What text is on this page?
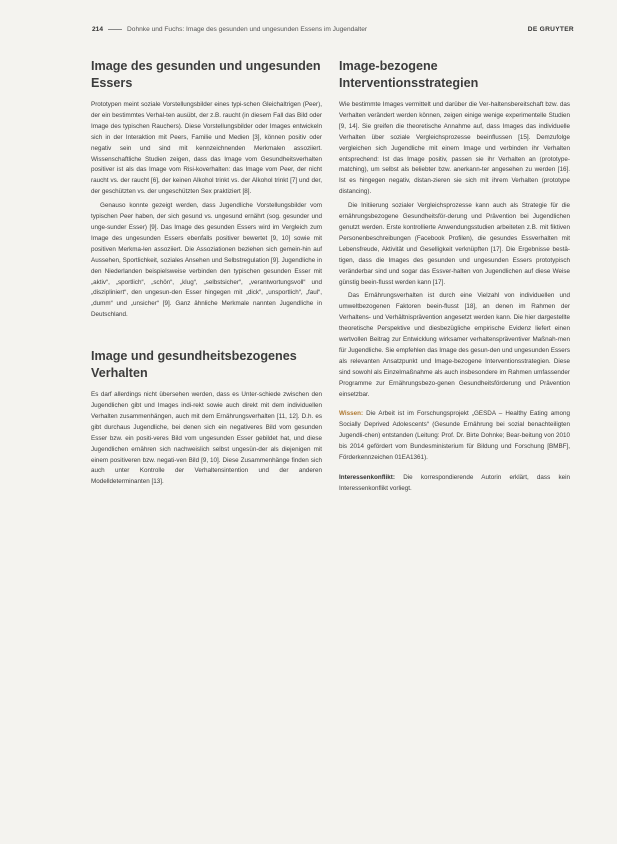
214	Dohnke und Fuchs: Image des gesunden und ungesunden Essens im Jugendalter	DE GRUYTER
Image des gesunden und ungesunden Essers

Prototypen meint soziale Vorstellungsbilder eines typi-schen Gleichaltrigen (Peer), der ein bestimmtes Verhal-ten ausübt, der z.B. raucht (in diesem Fall das Bild oder Image des typischen Rauchers). Diese Vorstellungsbilder oder Images entwickeln sich in der Interaktion mit Peers, Familie und Medien [3], können positiv oder negativ sein und sind mit kennzeichnenden Merkmalen assoziiert. Wissenschaftliche Studien zeigen, dass das Image vom Gesundheitsverhalten positiver ist als das Image vom Risi-koverhalten: das Image vom Peer, der nicht raucht vs. der raucht [6], der keinen Alkohol trinkt vs. der Alkohol trinkt [7] und der, der geschützten vs. der ungeschützten Sex praktiziert [8].

Genauso konnte gezeigt werden, dass Jugendliche Vorstellungsbilder vom typischen Peer haben, der sich gesund vs. ungesund ernährt (sog. gesunder und unge-sunder Esser) [9]. Das Image des gesunden Essers wird im Vergleich zum Image des ungesunden Essers ebenfalls positiver bewertet [9, 10] sowie mit positiven Merkma-len assoziiert. Die Assoziationen beziehen sich gemein-hin auf Aussehen, Sportlichkeit, soziales Ansehen und Selbstregulation [9]. Jugendliche in den Niederlanden beispielsweise verbinden den typischen gesunden Esser mit „aktiv“, „sportlich“, „schön“, „klug“, „selbstsicher“, „verantwortungsvoll“ und „diszipliniert“, den ungesun-den Esser hingegen mit „dick“, „unsportlich“, „faul“, „dumm“ und „unsicher“ [9]. Ganz ähnliche Merkmale nannten Jugendliche in Deutschland.

Image und gesundheitsbezogenes Verhalten

Es darf allerdings nicht übersehen werden, dass es Unter-schiede zwischen den Jugendlichen gibt und Images indi-rekt sowie auch direkt mit dem individuellen Verhalten zusammenhängen, auch mit dem Ernährungsverhalten [11, 12]. D.h. es gibt durchaus Jugendliche, bei denen sich ein negativeres Bild vom gesunden Esser bzw. ein positi-veres Bild vom ungesunden Esser gebildet hat, und diese Jugendlichen ernähren sich nachweislich selbst ungesün-der als diejenigen mit einem positiveren bzw. negati-ven Bild [9, 10]. Diese Zusammenhänge finden sich auch unter Kontrolle der Verhaltensintention und der anderen Modelldeterminanten [13].

Image-bezogene Interventionsstrategien

Wie bestimmte Images vermittelt und darüber die Ver-haltensbereitschaft bzw. das Verhalten verändert werden können, zeigen einige wenige experimentelle Studien [9, 14]. Sie greifen die theoretische Annahme auf, dass Images das individuelle Verhalten über soziale Vergleichsprozesse beeinflussen [15]. Demzufolge vergleichen sich Jugendliche mit einem Image und verbinden ihr Verhalten entsprechend: Ist das Image positiv, passen sie ihr Verhalten an (prototype-matching), um selbst als beliebter bzw. anerkann-ter angesehen zu werden [16]. Ist es hingegen negativ, distan-zieren sie sich mit ihrem Verhalten (prototype distancing).

Die Initiierung sozialer Vergleichsprozesse kann auch als Strategie für die ernährungsbezogene Gesundheitsför-derung und Prävention bei Jugendlichen genutzt werden. Erste kontrollierte Anwendungsstudien arbeiteten z.B. mit fiktiven Personenbeschreibungen (Facebook Profilen), die gesundes Essverhalten mit Lebensfreude, Aktivität und Geselligkeit verknüpften [17]. Die Ergebnisse bestä-tigen, dass die Images des gesunden und ungesunden Essers prototypisch veränderbar sind und sogar das Essver-halten von Jugendlichen auf diese Weise günstig beein-flusst werden kann [17].

Das Ernährungsverhalten ist durch eine Vielzahl von individuellen und umweltbezogenen Faktoren beein-flusst [18], an denen im Rahmen der Verhaltens- und Verhältnisprävention angesetzt werden kann. Die hier dargestellte theoretische Perspektive und diesbezügliche empirische Evidenz liefert einen wertvollen Beitrag zur Entwicklung wirksamer verhaltenspräventiver Maßnah-men für Jugendliche. Sie empfehlen das Image des gesun-den und ungesunden Essers als relevanten Ansatzpunkt und Image-bezogene Interventionsstrategien. Diese sind sowohl als Einzelmaßnahme als auch insbesondere im Rahmen umfassender Programme zur Ernährungsbezo-genen Gesundheitsförderung und Prävention einsetzbar.

Wissen: Die Arbeit ist im Forschungsprojekt „GESDA – Healthy Eating among Socially Deprived Adolescents“ (Gesunde Ernährung bei sozial benachteiligten Jugendli-chen) entstanden (Leitung: Prof. Dr. Birte Dohnke; Bear-beitung von 2010 bis 2014 gefördert vom Bundesministerium für Bildung und Forschung [BMBF], Förderkennzeichen 01EA1361).

Interessenkonflikt: Die korrespondierende Autorin erklärt, dass kein Interessenkonflikt vorliegt.
